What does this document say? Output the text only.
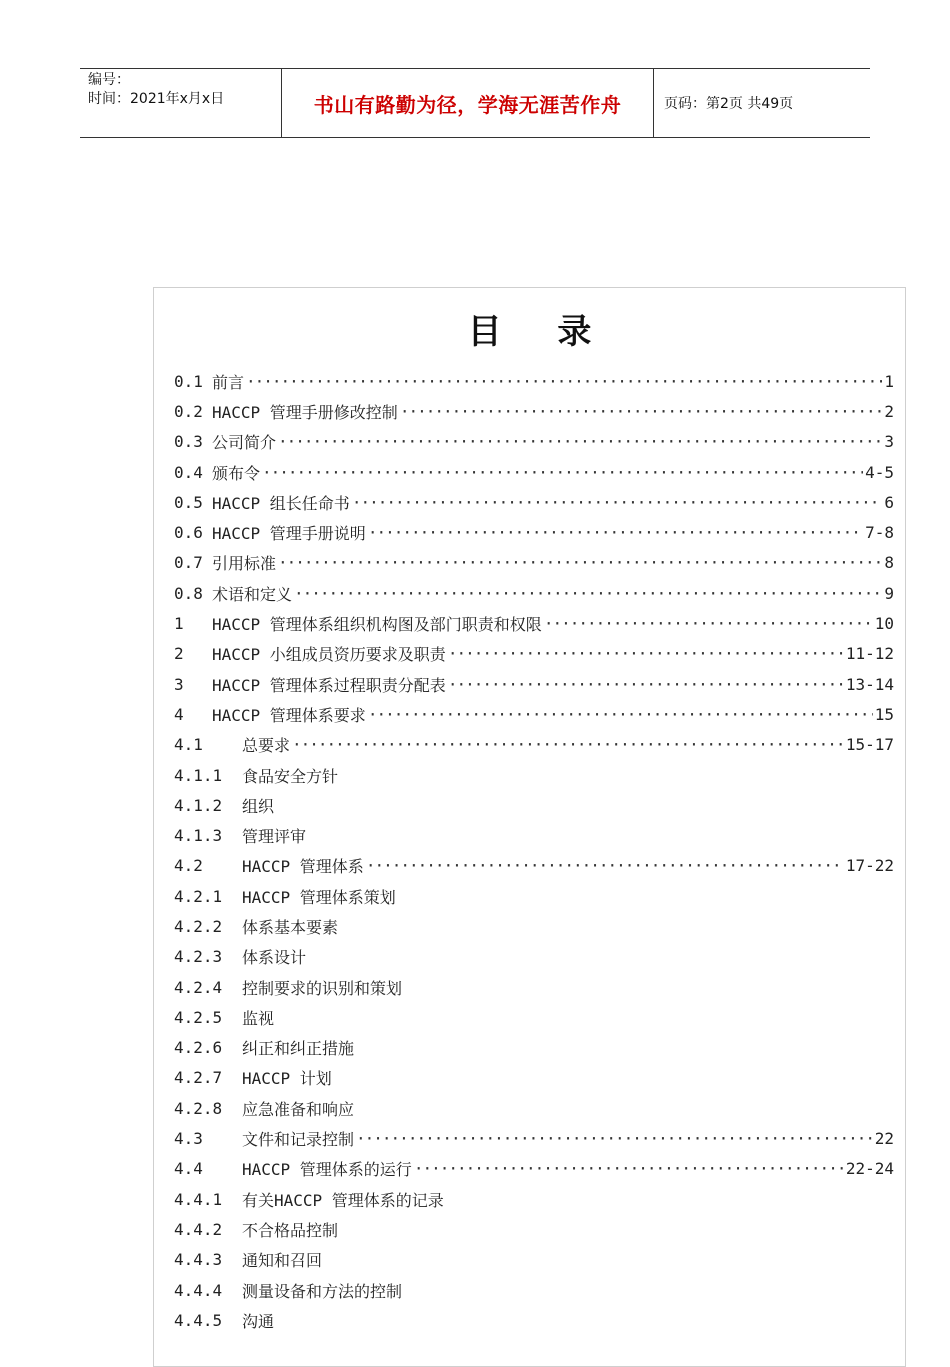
编号：
时间：2021年x月x日	书山有路勤为径，学海无涯苦作舟	页码：第2页 共49页
目 录
0.1 前言 ·····	1
0.2 HACCP 管理手册修改控制 ·····	2
0.3 公司简介 ·····	3
0.4 颁布令 ·····	4-5
0.5 HACCP 组长任命书 ·····	6
0.6 HACCP 管理手册说明 ·····	7-8
0.7 引用标准 ·····	8
0.8 术语和定义 ·····	9
1	HACCP 管理体系组织机构图及部门职责和权限 ·····	10
2	HACCP 小组成员资历要求及职责 ·····	11-12
3	HACCP 管理体系过程职责分配表 ·····	13-14
4	HACCP 管理体系要求 ·····	15
4.1	总要求 ·····	15-17
4.1.1	食品安全方针
4.1.2	组织
4.1.3	管理评审
4.2	HACCP 管理体系 ·····	17-22
4.2.1	HACCP 管理体系策划
4.2.2	体系基本要素
4.2.3	体系设计
4.2.4	控制要求的识别和策划
4.2.5	监视
4.2.6	纠正和纠正措施
4.2.7	HACCP 计划
4.2.8	应急准备和响应
4.3	文件和记录控制 ·····	22
4.4	HACCP 管理体系的运行 ·····	22-24
4.4.1	有关HACCP 管理体系的记录
4.4.2	不合格品控制
4.4.3	通知和召回
4.4.4	测量设备和方法的控制
4.4.5	沟通
